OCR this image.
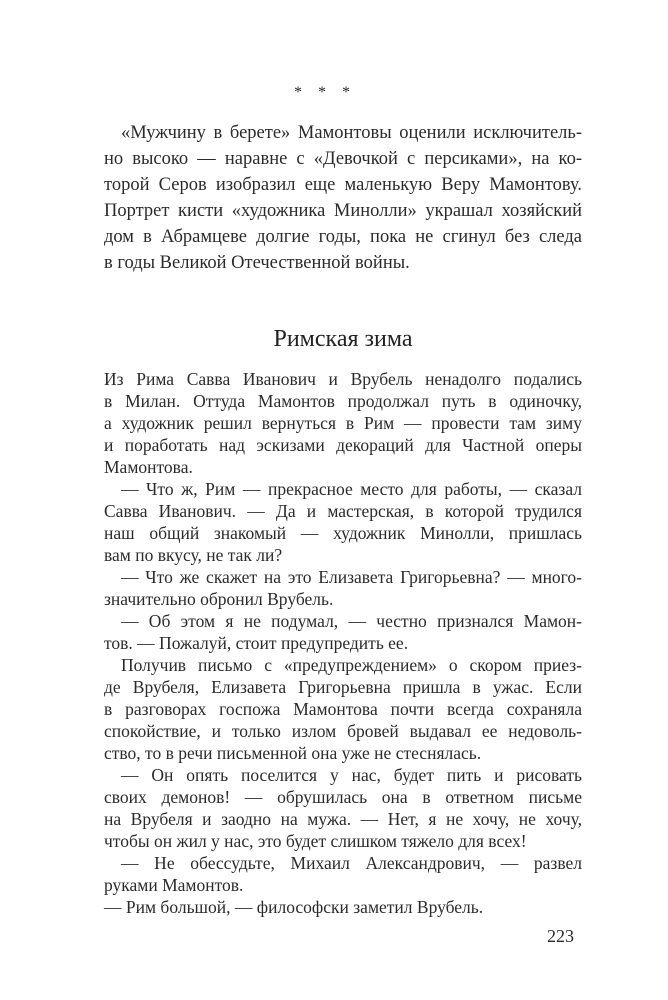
* * *
«Мужчину в берете» Мамонтовы оценили исключитель-
но высоко — наравне с «Девочкой с персиками», на ко-
торой Серов изобразил еще маленькую Веру Мамонтову.
Портрет кисти «художника Минолли» украшал хозяйский
дом в Абрамцеве долгие годы, пока не сгинул без следа
в годы Великой Отечественной войны.
Римская зима
Из Рима Савва Иванович и Врубель ненадолго подались
в Милан. Оттуда Мамонтов продолжал путь в одиночку,
а художник решил вернуться в Рим — провести там зиму
и поработать над эскизами декораций для Частной оперы
Мамонтова.
— Что ж, Рим — прекрасное место для работы, — сказал
Савва Иванович. — Да и мастерская, в которой трудился
наш общий знакомый — художник Минолли, пришлась
вам по вкусу, не так ли?
— Что же скажет на это Елизавета Григорьевна? — много-
значительно обронил Врубель.
— Об этом я не подумал, — честно признался Мамон-
тов. — Пожалуй, стоит предупредить ее.
Получив письмо с «предупреждением» о скором приез-
де Врубеля, Елизавета Григорьевна пришла в ужас. Если
в разговорах госпожа Мамонтова почти всегда сохраняла
спокойствие, и только излом бровей выдавал ее недоволь-
ство, то в речи письменной она уже не стеснялась.
— Он опять поселится у нас, будет пить и рисовать
своих демонов! — обрушилась она в ответном письме
на Врубеля и заодно на мужа. — Нет, я не хочу, не хочу,
чтобы он жил у нас, это будет слишком тяжело для всех!
— Не обессудьте, Михаил Александрович, — развел
руками Мамонтов.
— Рим большой, — философски заметил Врубель.
223
